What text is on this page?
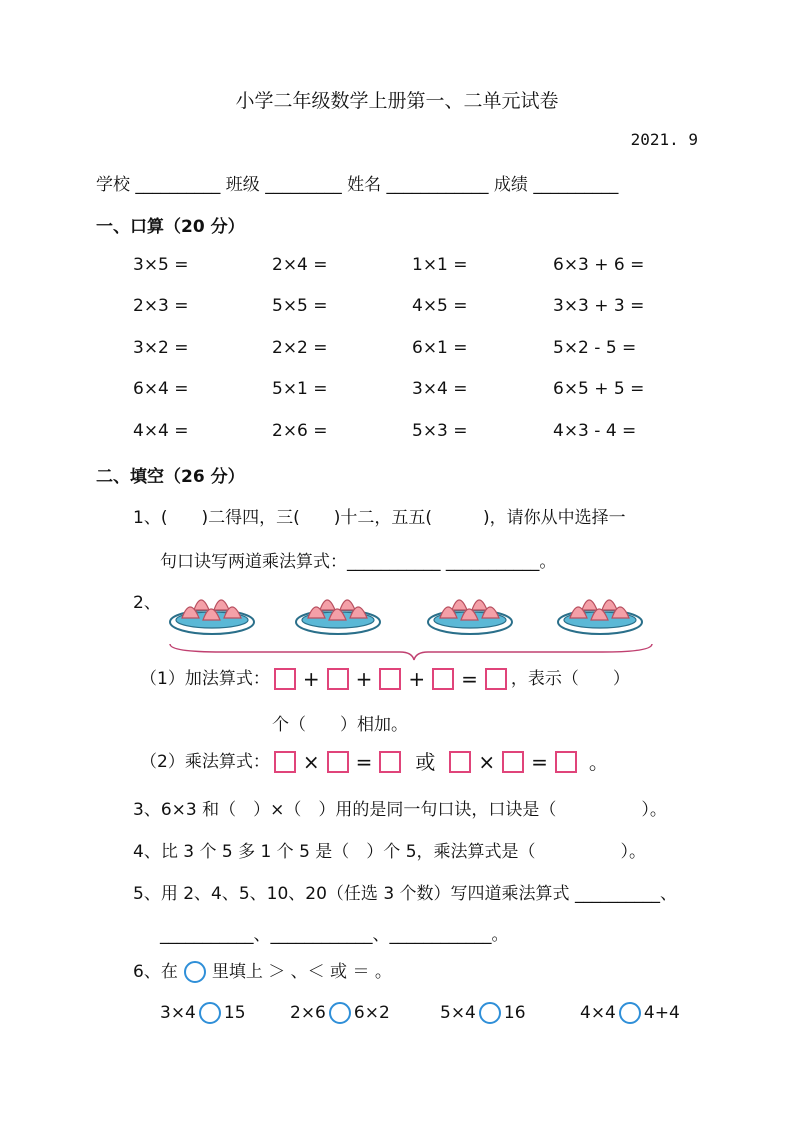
小学二年级数学上册第一、二单元试卷
2021. 9
学校 __________ 班级 _________ 姓名 ____________ 成绩 __________
一、口算（20 分）
3×5 =	2×4 =	1×1 =	6×3 + 6 =
2×3 =	5×5 =	4×5 =	3×3 + 3 =
3×2 =	2×2 =	6×1 =	5×2 - 5 =
6×4 =	5×1 =	3×4 =	6×5 + 5 =
4×4 =	2×6 =	5×3 =	4×3 - 4 =
二、填空（26 分）
1、(　　)二得四，三(　　)十二，五五(　　　)，请你从中选择一
句口诀写两道乘法算式：___________ ___________。
2、
（1）加法算式： + + + = ，表示（　　）
个（　　）相加。
（2）乘法算式： × = 或 × = 。
3、6×3 和（　）×（　）用的是同一句口诀，口诀是（　　　　　）。
4、比 3 个 5 多 1 个 5 是（　）个 5，乘法算式是（　　　　　）。
5、用 2、4、5、10、20（任选 3 个数）写四道乘法算式 __________、
___________、____________、____________。
6、在 里填上 ＞ 、＜ 或 ＝ 。
3×4 15	2×6 6×2	5×4 16	4×4 4+4
